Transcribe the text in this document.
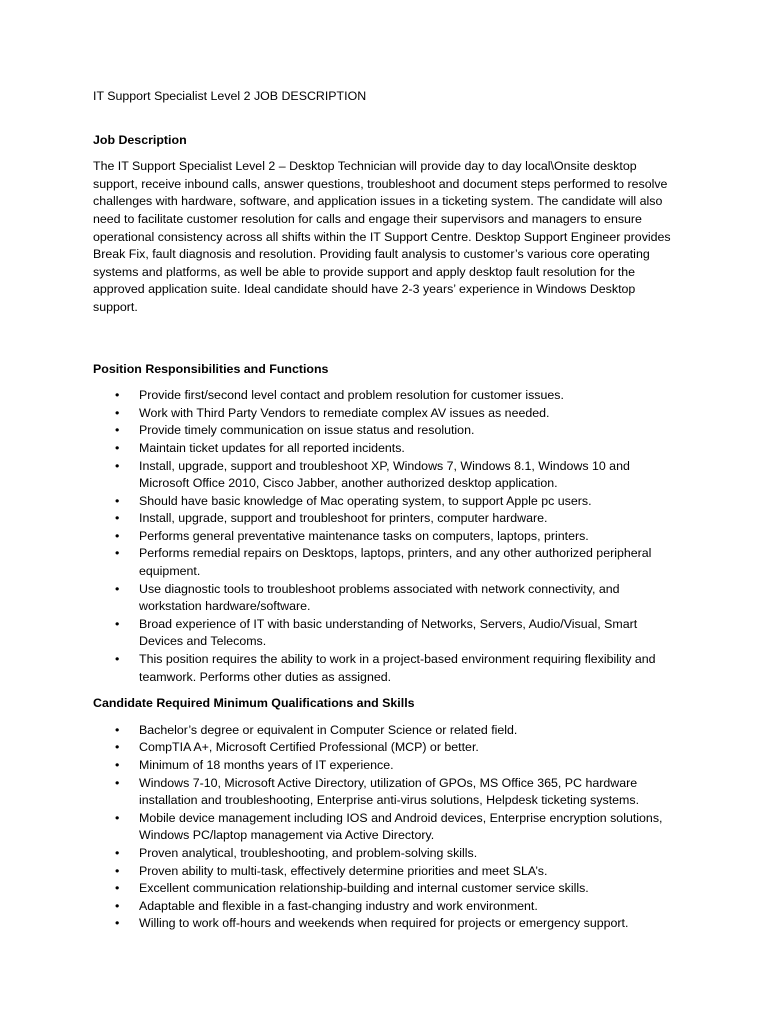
IT Support Specialist Level 2 JOB DESCRIPTION

Job Description

The IT Support Specialist Level 2 – Desktop Technician will provide day to day local\Onsite desktop support, receive inbound calls, answer questions, troubleshoot and document steps performed to resolve challenges with hardware, software, and application issues in a ticketing system. The candidate will also need to facilitate customer resolution for calls and engage their supervisors and managers to ensure operational consistency across all shifts within the IT Support Centre. Desktop Support Engineer provides Break Fix, fault diagnosis and resolution. Providing fault analysis to customer’s various core operating systems and platforms, as well be able to provide support and apply desktop fault resolution for the approved application suite. Ideal candidate should have 2-3 years’ experience in Windows Desktop support.

Position Responsibilities and Functions

• Provide first/second level contact and problem resolution for customer issues.
• Work with Third Party Vendors to remediate complex AV issues as needed.
• Provide timely communication on issue status and resolution.
• Maintain ticket updates for all reported incidents.
• Install, upgrade, support and troubleshoot XP, Windows 7, Windows 8.1, Windows 10 and Microsoft Office 2010, Cisco Jabber, another authorized desktop application.
• Should have basic knowledge of Mac operating system, to support Apple pc users.
• Install, upgrade, support and troubleshoot for printers, computer hardware.
• Performs general preventative maintenance tasks on computers, laptops, printers.
• Performs remedial repairs on Desktops, laptops, printers, and any other authorized peripheral equipment.
• Use diagnostic tools to troubleshoot problems associated with network connectivity, and workstation hardware/software.
• Broad experience of IT with basic understanding of Networks, Servers, Audio/Visual, Smart Devices and Telecoms.
• This position requires the ability to work in a project-based environment requiring flexibility and teamwork. Performs other duties as assigned.

Candidate Required Minimum Qualifications and Skills

• Bachelor’s degree or equivalent in Computer Science or related field.
• CompTIA A+, Microsoft Certified Professional (MCP) or better.
• Minimum of 18 months years of IT experience.
• Windows 7-10, Microsoft Active Directory, utilization of GPOs, MS Office 365, PC hardware installation and troubleshooting, Enterprise anti-virus solutions, Helpdesk ticketing systems.
• Mobile device management including IOS and Android devices, Enterprise encryption solutions, Windows PC/laptop management via Active Directory.
• Proven analytical, troubleshooting, and problem-solving skills.
• Proven ability to multi-task, effectively determine priorities and meet SLA’s.
• Excellent communication relationship-building and internal customer service skills.
• Adaptable and flexible in a fast-changing industry and work environment.
• Willing to work off-hours and weekends when required for projects or emergency support.
